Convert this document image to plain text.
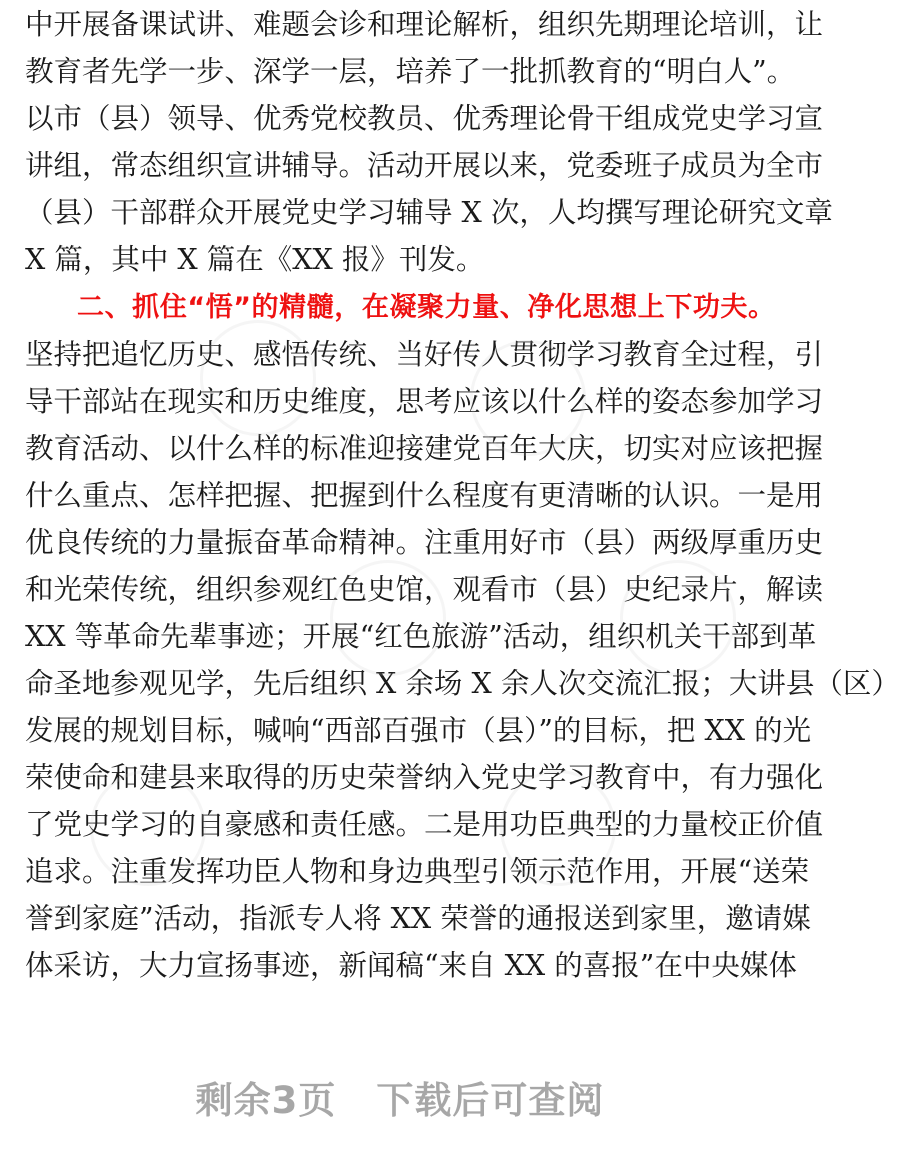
中开展备课试讲、难题会诊和理论解析，组织先期理论培训，让
教育者先学一步、深学一层，培养了一批抓教育的“明白人”。
以市（县）领导、优秀党校教员、优秀理论骨干组成党史学习宣
讲组，常态组织宣讲辅导。活动开展以来，党委班子成员为全市
（县）干部群众开展党史学习辅导 X 次，人均撰写理论研究文章
X 篇，其中 X 篇在《XX 报》刊发。
二、抓住“悟”的精髓，在凝聚力量、净化思想上下功夫。
坚持把追忆历史、感悟传统、当好传人贯彻学习教育全过程，引
导干部站在现实和历史维度，思考应该以什么样的姿态参加学习
教育活动、以什么样的标准迎接建党百年大庆，切实对应该把握
什么重点、怎样把握、把握到什么程度有更清晰的认识。一是用
优良传统的力量振奋革命精神。注重用好市（县）两级厚重历史
和光荣传统，组织参观红色史馆，观看市（县）史纪录片，解读
XX 等革命先辈事迹；开展“红色旅游”活动，组织机关干部到革
命圣地参观见学，先后组织 X 余场 X 余人次交流汇报；大讲县（区）
发展的规划目标，喊响“西部百强市（县）”的目标，把 XX 的光
荣使命和建县来取得的历史荣誉纳入党史学习教育中，有力强化
了党史学习的自豪感和责任感。二是用功臣典型的力量校正价值
追求。注重发挥功臣人物和身边典型引领示范作用，开展“送荣
誉到家庭”活动，指派专人将 XX 荣誉的通报送到家里，邀请媒
体采访，大力宣扬事迹，新闻稿“来自 XX 的喜报”在中央媒体
剩余3页 下载后可查阅
